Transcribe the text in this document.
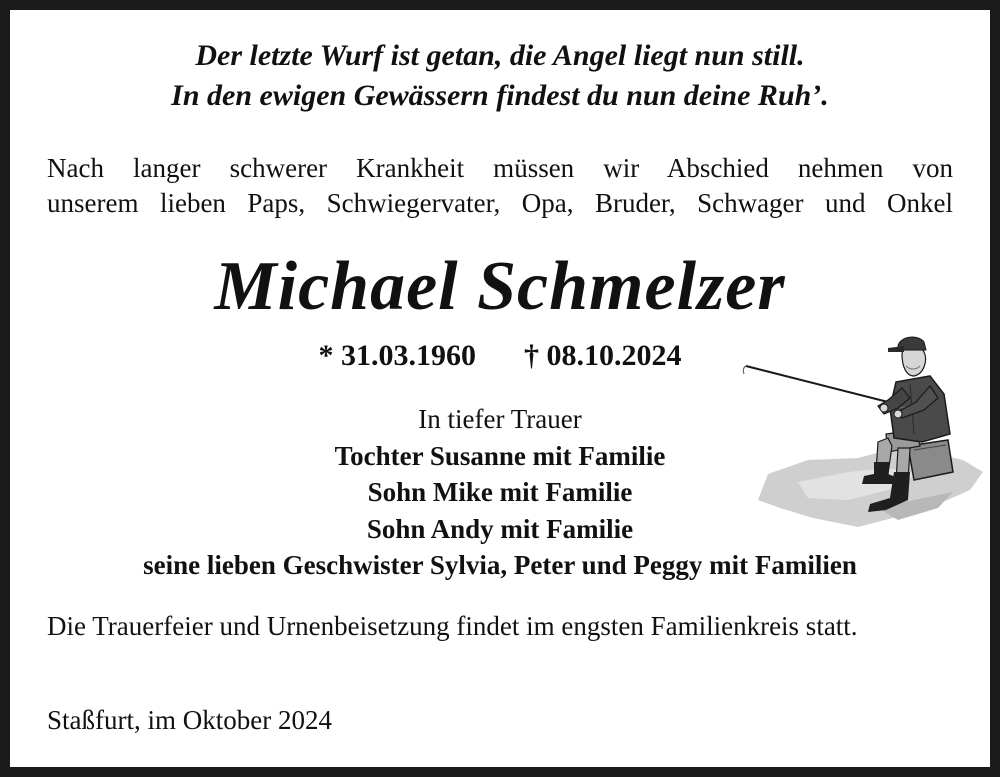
Der letzte Wurf ist getan, die Angel liegt nun still.
In den ewigen Gewässern findest du nun deine Ruh’.
Nach langer schwerer Krankheit müssen wir Abschied nehmen von
unserem lieben Paps, Schwiegervater, Opa, Bruder, Schwager und Onkel
Michael Schmelzer
* 31.03.1960 † 08.10.2024
In tiefer Trauer
Tochter Susanne mit Familie
Sohn Mike mit Familie
Sohn Andy mit Familie
seine lieben Geschwister Sylvia, Peter und Peggy mit Familien
Die Trauerfeier und Urnenbeisetzung findet im engsten Familienkreis statt.
Staßfurt, im Oktober 2024
